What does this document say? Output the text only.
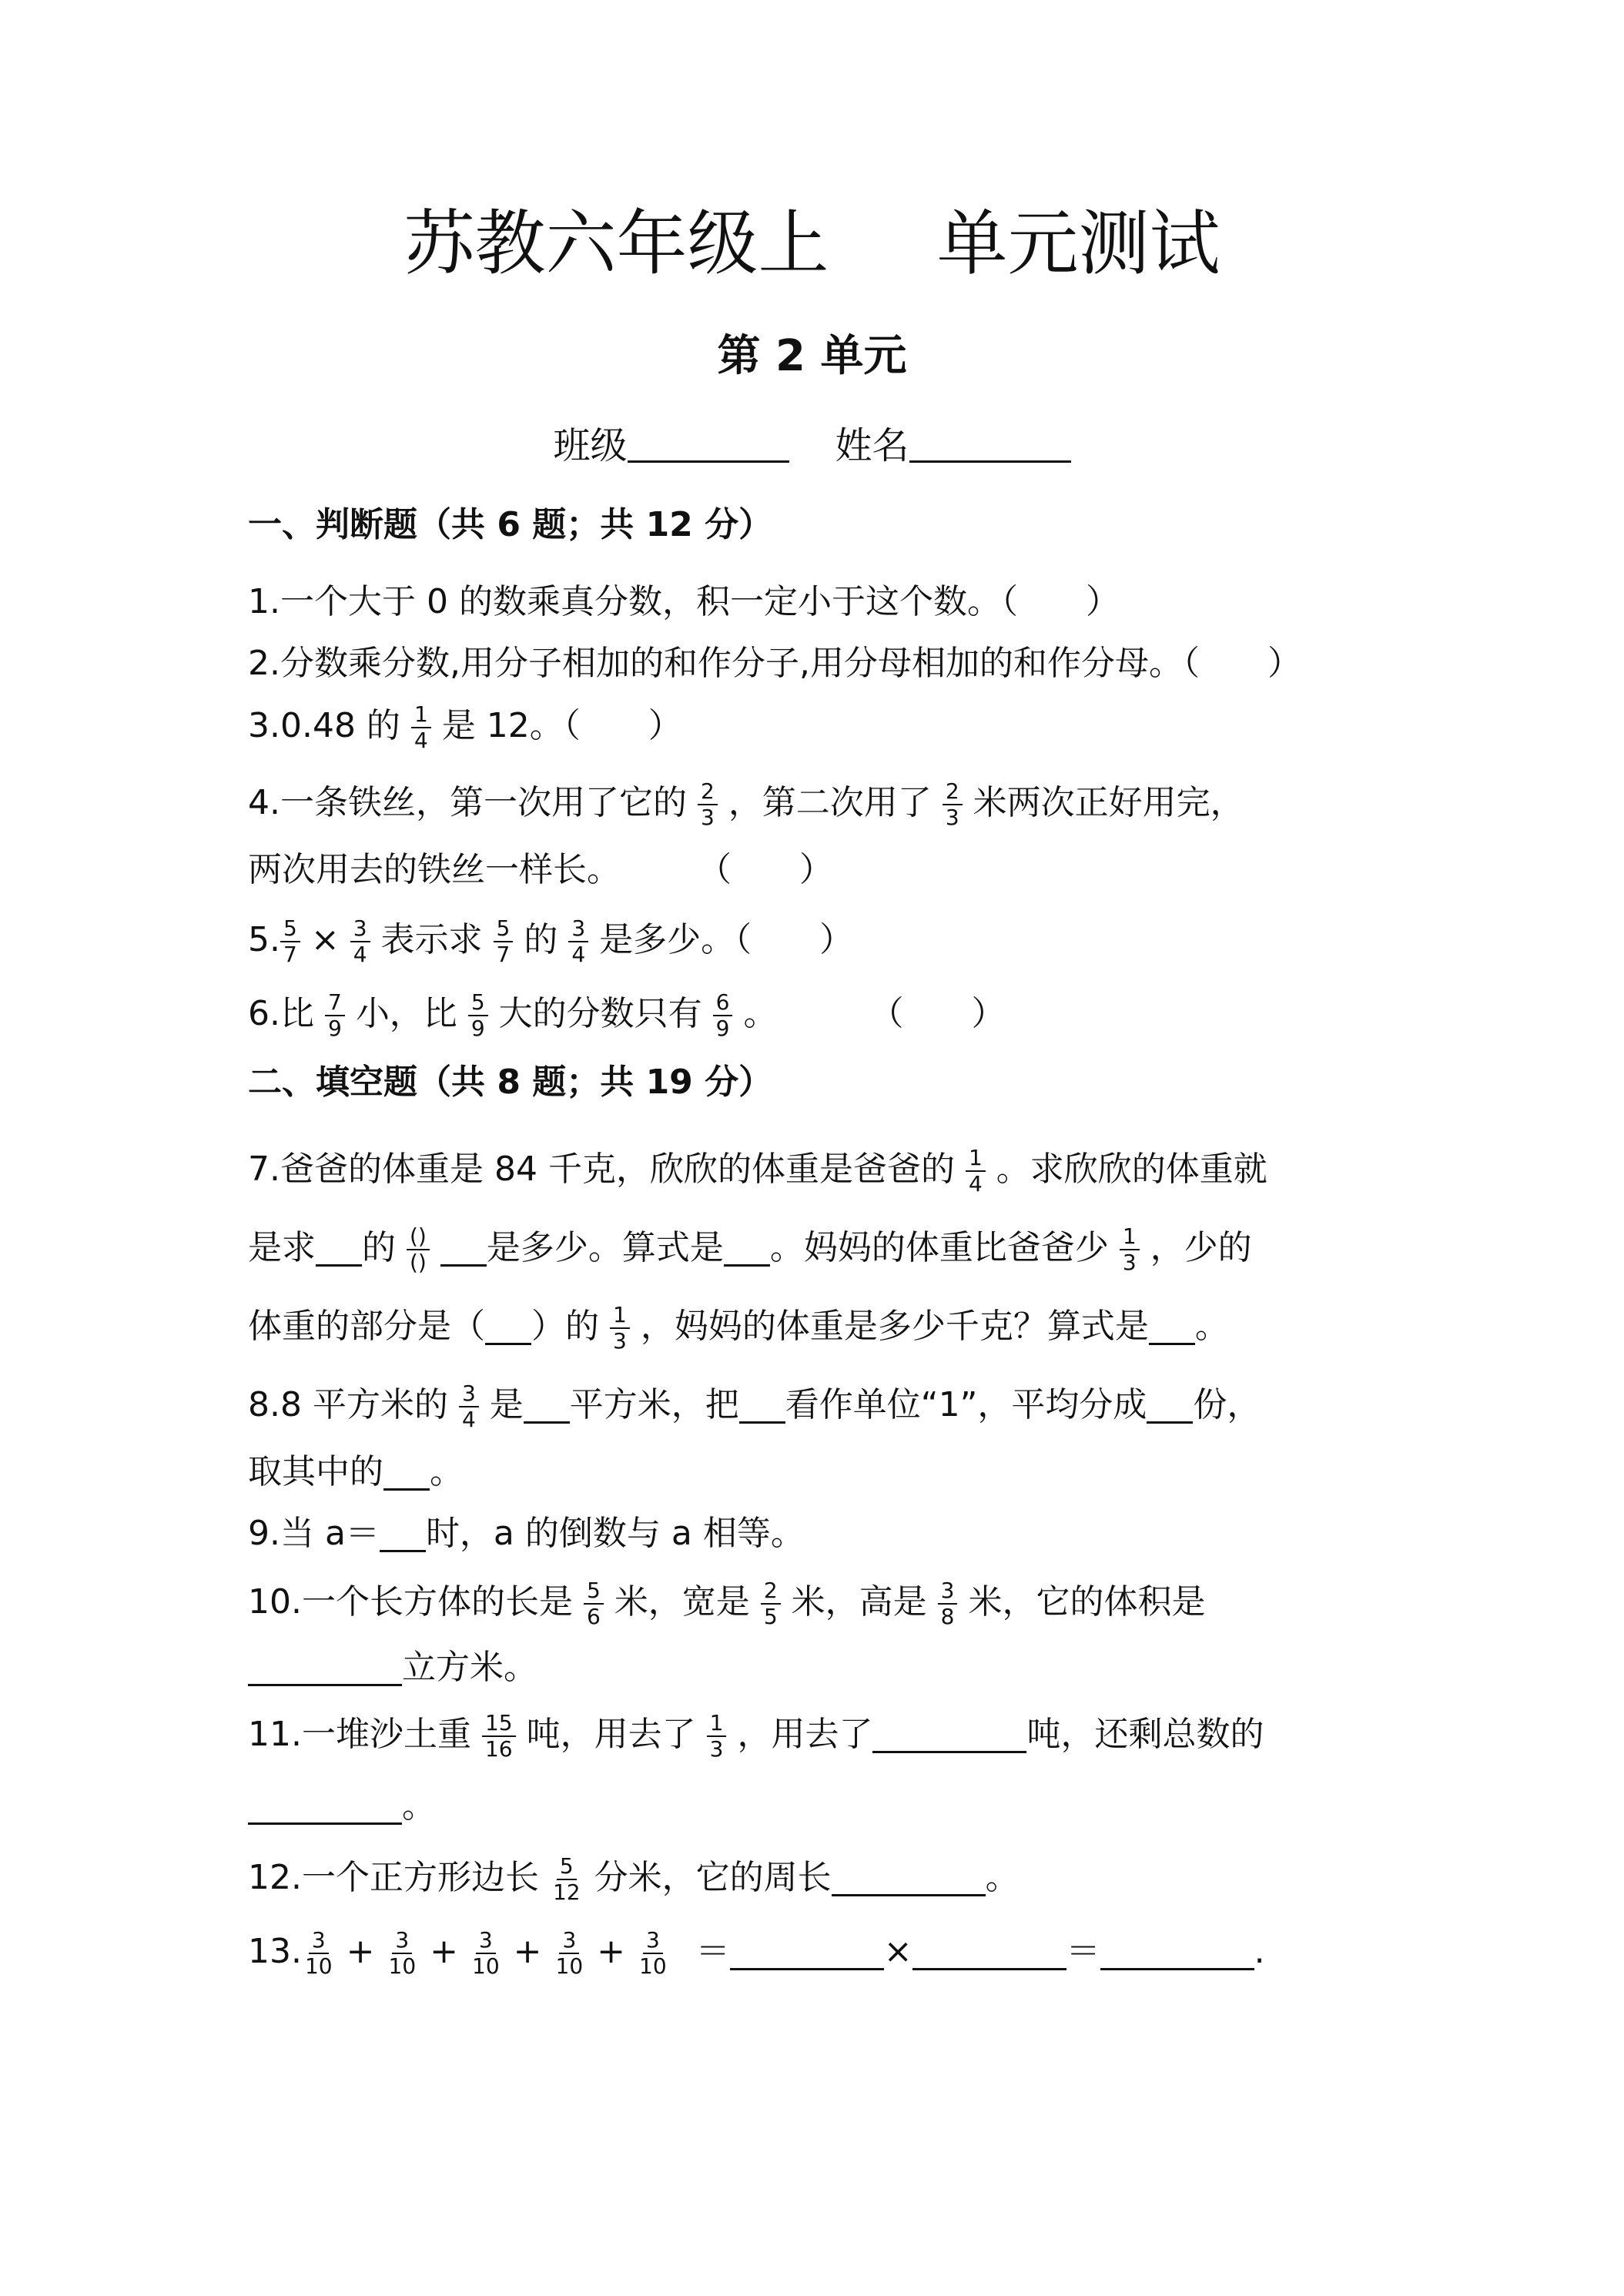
苏教六年级上 单元测试
第 2 单元
班级	姓名
一、判断题（共 6 题；共 12 分）
1.一个大于 0 的数乘真分数，积一定小于这个数。（　　）
2.分数乘分数,用分子相加的和作分子,用分母相加的和作分母。（　　）
3.0.48 的 $\frac{1}{4}$ 是 12。（　　）
4.一条铁丝，第一次用了它的 $\frac{2}{3}$ ，第二次用了 $\frac{2}{3}$ 米两次正好用完，
两次用去的铁丝一样长。 （　　）
5. $\frac{5}{7} \times \frac{3}{4}$ 表示求 $\frac{5}{7}$ 的 $\frac{3}{4}$ 是多少。（　　）
6.比 $\frac{7}{9}$ 小，比 $\frac{5}{9}$ 大的分数只有 $\frac{6}{9}$ 。	（　　）
二、填空题（共 8 题；共 19 分）
7.爸爸的体重是 84 千克，欣欣的体重是爸爸的 $\frac{1}{4}$ 。求欣欣的体重就
是求 的 ()
() 是多少。算式是 。妈妈的体重比爸爸少 $\frac{1}{3}$ ，少的
体重的部分是（ ）的 $\frac{1}{3}$ ，妈妈的体重是多少千克？算式是 。
8.8 平方米的 $\frac{3}{4}$ 是 平方米，把 看作单位“1”，平均分成 份，
取其中的 。
9.当 a＝ 时，a 的倒数与 a 相等。
10.一个长方体的长是 $\frac{5}{6}$ 米，宽是 $\frac{2}{5}$ 米，高是 $\frac{3}{8}$ 米，它的体积是
立方米。
11.一堆沙土重 $\frac{15}{16}$ 吨，用去了 $\frac{1}{3}$ ，用去了	吨，还剩总数的
。
12.一个正方形边长 $\frac{5}{12}$ 分米，它的周长	。
13. $\frac{3}{10} + \frac{3}{10} + \frac{3}{10} + \frac{3}{10} + \frac{3}{10}$ ＝	×	＝	.
